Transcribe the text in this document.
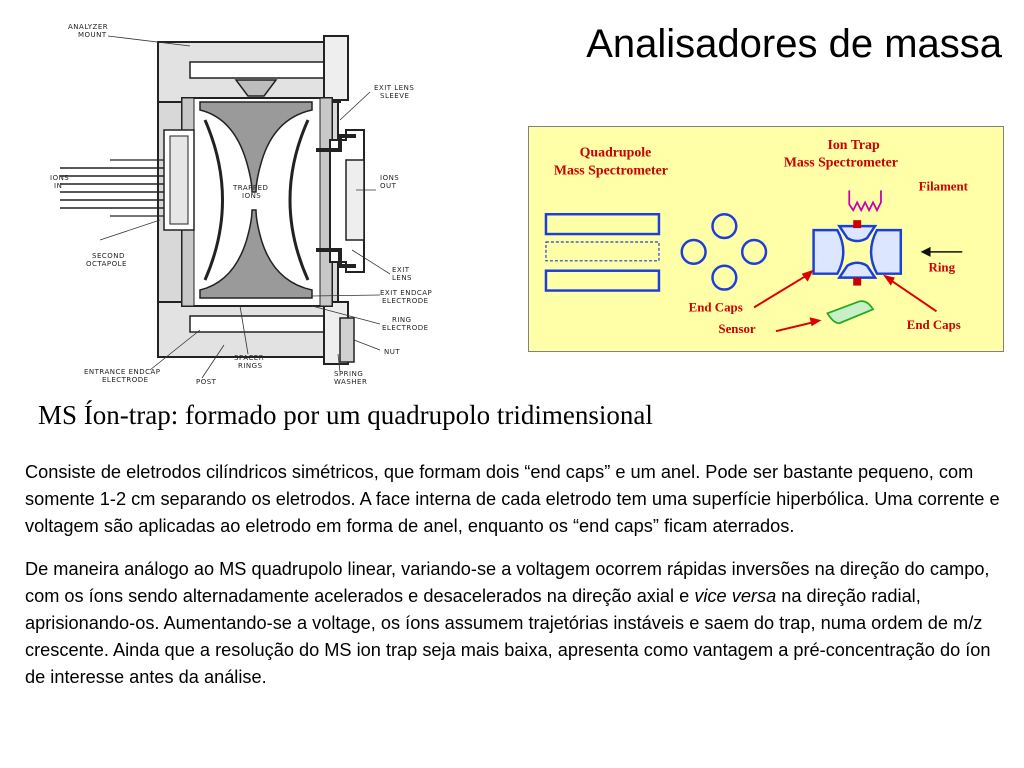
Analisadores de massa
ANALYZER
MOUNT
EXIT LENS
SLEEVE
IONS
IN
IONS
OUT
TRAPPED
IONS
SECOND
OCTAPOLE
EXIT
LENS
EXIT ENDCAP
ELECTRODE
RING
ELECTRODE
NUT
ENTRANCE ENDCAP
ELECTRODE	POST
SPACER
RINGS
SPRING
WASHER
Quadrupole
Mass Spectrometer
Ion Trap
Mass Spectrometer
Filament
Ring
End Caps
Sensor	End Caps
MS Íon-trap: formado por um quadrupolo tridimensional

Consiste de eletrodos cilíndricos simétricos, que formam dois “end caps” e um anel. Pode ser bastante pequeno, com somente 1-2 cm separando os eletrodos. A face interna de cada eletrodo tem uma superfície hiperbólica. Uma corrente e voltagem são aplicadas ao eletrodo em forma de anel, enquanto os “end caps” ficam aterrados.

De maneira análogo ao MS quadrupolo linear, variando-se a voltagem ocorrem rápidas inversões na direção do campo, com os íons sendo alternadamente acelerados e desacelerados na direção axial e vice versa na direção radial, aprisionando-os. Aumentando-se a voltage, os íons assumem trajetórias instáveis e saem do trap, numa ordem de m/z crescente. Ainda que a resolução do MS ion trap seja mais baixa, apresenta como vantagem a pré-concentração do íon de interesse antes da análise.
